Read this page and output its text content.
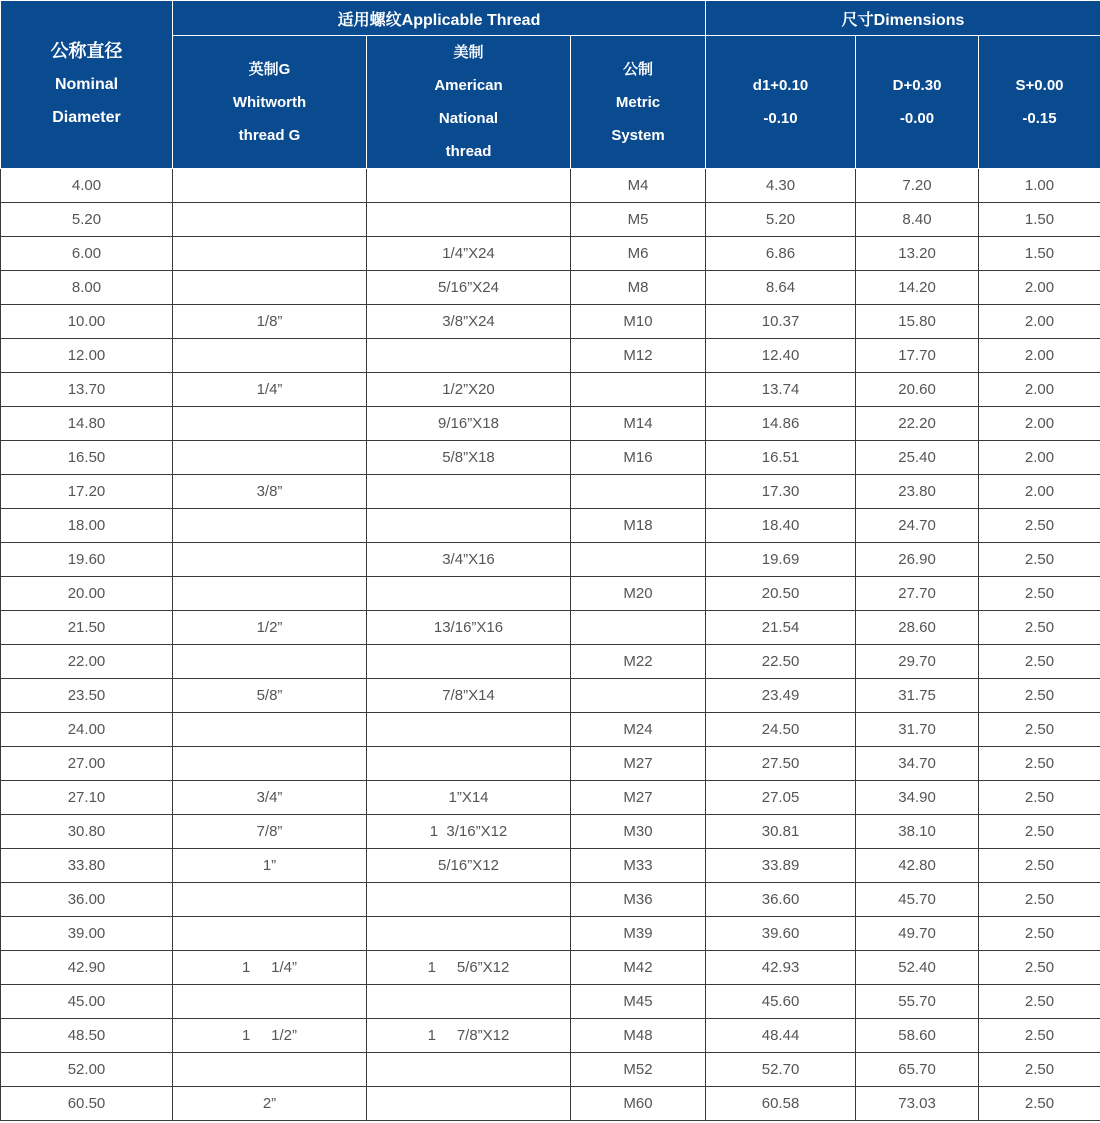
公称直径
Nominal
Diameter	适用螺纹Applicable Thread			尺寸Dimensions		

	英制G
Whitworth
thread G	美制
American
National
thread	公制
Metric
System	d1+0.10
-0.10	D+0.30
-0.00	S+0.00
-0.15

4.00			M4	4.30	7.20	1.00
5.20			M5	5.20	8.40	1.50
6.00		1/4”X24	M6	6.86	13.20	1.50
8.00		5/16”X24	M8	8.64	14.20	2.00
10.00	1/8”	3/8”X24	M10	10.37	15.80	2.00
12.00			M12	12.40	17.70	2.00
13.70	1/4”	1/2”X20		13.74	20.60	2.00
14.80		9/16”X18	M14	14.86	22.20	2.00
16.50		5/8”X18	M16	16.51	25.40	2.00
17.20	3/8”			17.30	23.80	2.00
18.00			M18	18.40	24.70	2.50
19.60		3/4”X16		19.69	26.90	2.50
20.00			M20	20.50	27.70	2.50
21.50	1/2”	13/16”X16		21.54	28.60	2.50
22.00			M22	22.50	29.70	2.50
23.50	5/8”	7/8”X14		23.49	31.75	2.50
24.00			M24	24.50	31.70	2.50
27.00			M27	27.50	34.70	2.50
27.10	3/4”	1”X14	M27	27.05	34.90	2.50
30.80	7/8”	1  3/16”X12	M30	30.81	38.10	2.50
33.80	1”	5/16”X12	M33	33.89	42.80	2.50
36.00			M36	36.60	45.70	2.50
39.00			M39	39.60	49.70	2.50
42.90	1     1/4”	1     5/6”X12	M42	42.93	52.40	2.50
45.00			M45	45.60	55.70	2.50
48.50	1     1/2”	1     7/8”X12	M48	48.44	58.60	2.50
52.00			M52	52.70	65.70	2.50
60.50	2”		M60	60.58	73.03	2.50
